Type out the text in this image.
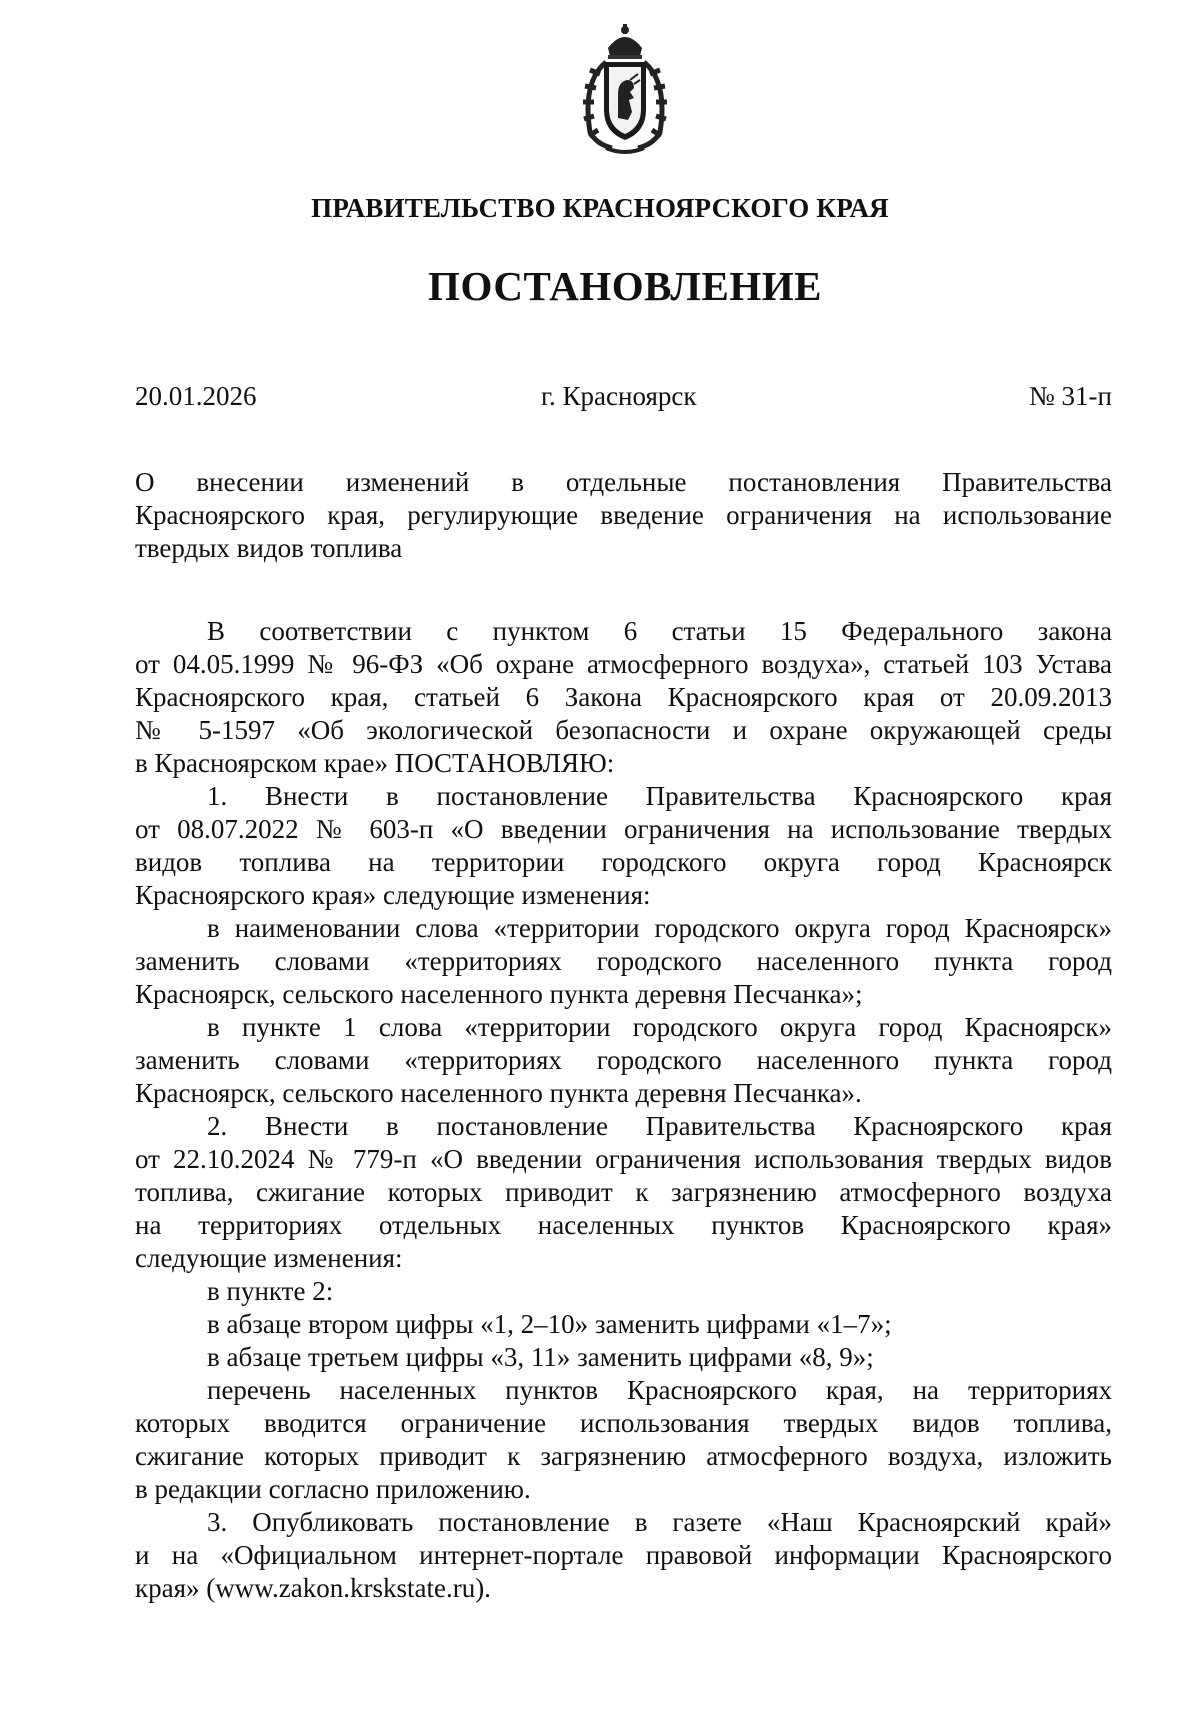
ПРАВИТЕЛЬСТВО КРАСНОЯРСКОГО КРАЯ
ПОСТАНОВЛЕНИЕ
20.01.2026	г. Красноярск	№ 31-п
О внесении изменений в отдельные постановления Правительства
Красноярского края, регулирующие введение ограничения на использование
твердых видов топлива
В соответствии с пунктом 6 статьи 15 Федерального закона
от 04.05.1999 № 96-ФЗ «Об охране атмосферного воздуха», статьей 103 Устава
Красноярского края, статьей 6 Закона Красноярского края от 20.09.2013
№ 5-1597 «Об экологической безопасности и охране окружающей среды
в Красноярском крае» ПОСТАНОВЛЯЮ:
1. Внести в постановление Правительства Красноярского края
от 08.07.2022 № 603-п «О введении ограничения на использование твердых
видов топлива на территории городского округа город Красноярск
Красноярского края» следующие изменения:
в наименовании слова «территории городского округа город Красноярск»
заменить словами «территориях городского населенного пункта город
Красноярск, сельского населенного пункта деревня Песчанка»;
в пункте 1 слова «территории городского округа город Красноярск»
заменить словами «территориях городского населенного пункта город
Красноярск, сельского населенного пункта деревня Песчанка».
2. Внести в постановление Правительства Красноярского края
от 22.10.2024 № 779-п «О введении ограничения использования твердых видов
топлива, сжигание которых приводит к загрязнению атмосферного воздуха
на территориях отдельных населенных пунктов Красноярского края»
следующие изменения:
в пункте 2:
в абзаце втором цифры «1, 2–10» заменить цифрами «1–7»;
в абзаце третьем цифры «3, 11» заменить цифрами «8, 9»;
перечень населенных пунктов Красноярского края, на территориях
которых вводится ограничение использования твердых видов топлива,
сжигание которых приводит к загрязнению атмосферного воздуха, изложить
в редакции согласно приложению.
3. Опубликовать постановление в газете «Наш Красноярский край»
и на «Официальном интернет-портале правовой информации Красноярского
края» (www.zakon.krskstate.ru).
